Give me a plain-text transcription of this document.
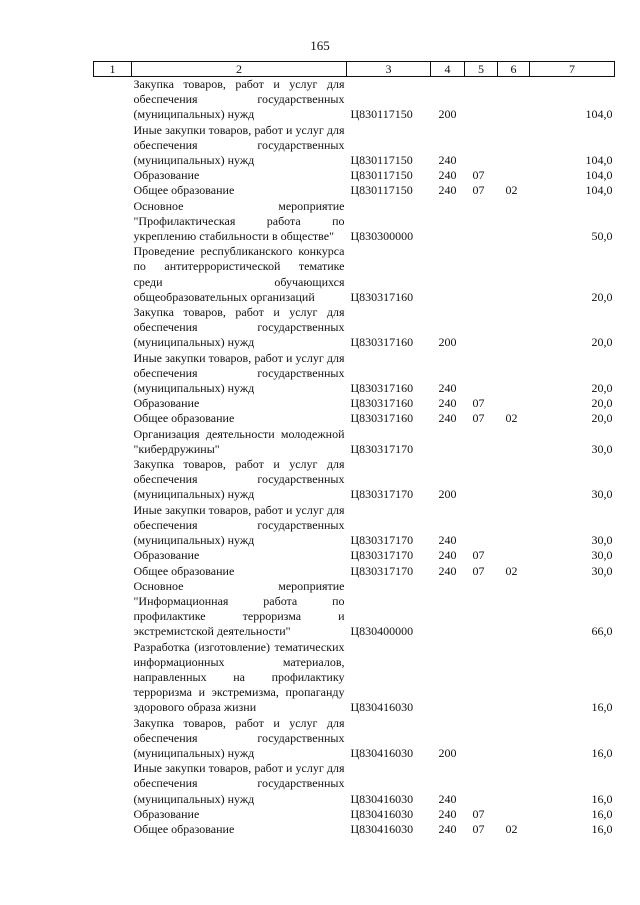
165
1	2	3	4	5	6	7
	Закупка товаров, работ и услуг для обеспечения государственных (муниципальных) нужд	Ц830117150	200			104,0
	Иные закупки товаров, работ и услуг для обеспечения государственных (муниципальных) нужд	Ц830117150	240			104,0
	Образование	Ц830117150	240	07		104,0
	Общее образование	Ц830117150	240	07	02	104,0
	Основное мероприятие "Профилактическая работа по укреплению стабильности в обществе"	Ц830300000				50,0
	Проведение республиканского конкурса по антитеррористической тематике среди обучающихся общеобразовательных организаций	Ц830317160				20,0
	Закупка товаров, работ и услуг для обеспечения государственных (муниципальных) нужд	Ц830317160	200			20,0
	Иные закупки товаров, работ и услуг для обеспечения государственных (муниципальных) нужд	Ц830317160	240			20,0
	Образование	Ц830317160	240	07		20,0
	Общее образование	Ц830317160	240	07	02	20,0
	Организация деятельности молодежной "кибердружины"	Ц830317170				30,0
	Закупка товаров, работ и услуг для обеспечения государственных (муниципальных) нужд	Ц830317170	200			30,0
	Иные закупки товаров, работ и услуг для обеспечения государственных (муниципальных) нужд	Ц830317170	240			30,0
	Образование	Ц830317170	240	07		30,0
	Общее образование	Ц830317170	240	07	02	30,0
	Основное мероприятие "Информационная работа по профилактике терроризма и экстремистской деятельности"	Ц830400000				66,0
	Разработка (изготовление) тематических информационных материалов, направленных на профилактику терроризма и экстремизма, пропаганду здорового образа жизни	Ц830416030				16,0
	Закупка товаров, работ и услуг для обеспечения государственных (муниципальных) нужд	Ц830416030	200			16,0
	Иные закупки товаров, работ и услуг для обеспечения государственных (муниципальных) нужд	Ц830416030	240			16,0
	Образование	Ц830416030	240	07		16,0
	Общее образование	Ц830416030	240	07	02	16,0
